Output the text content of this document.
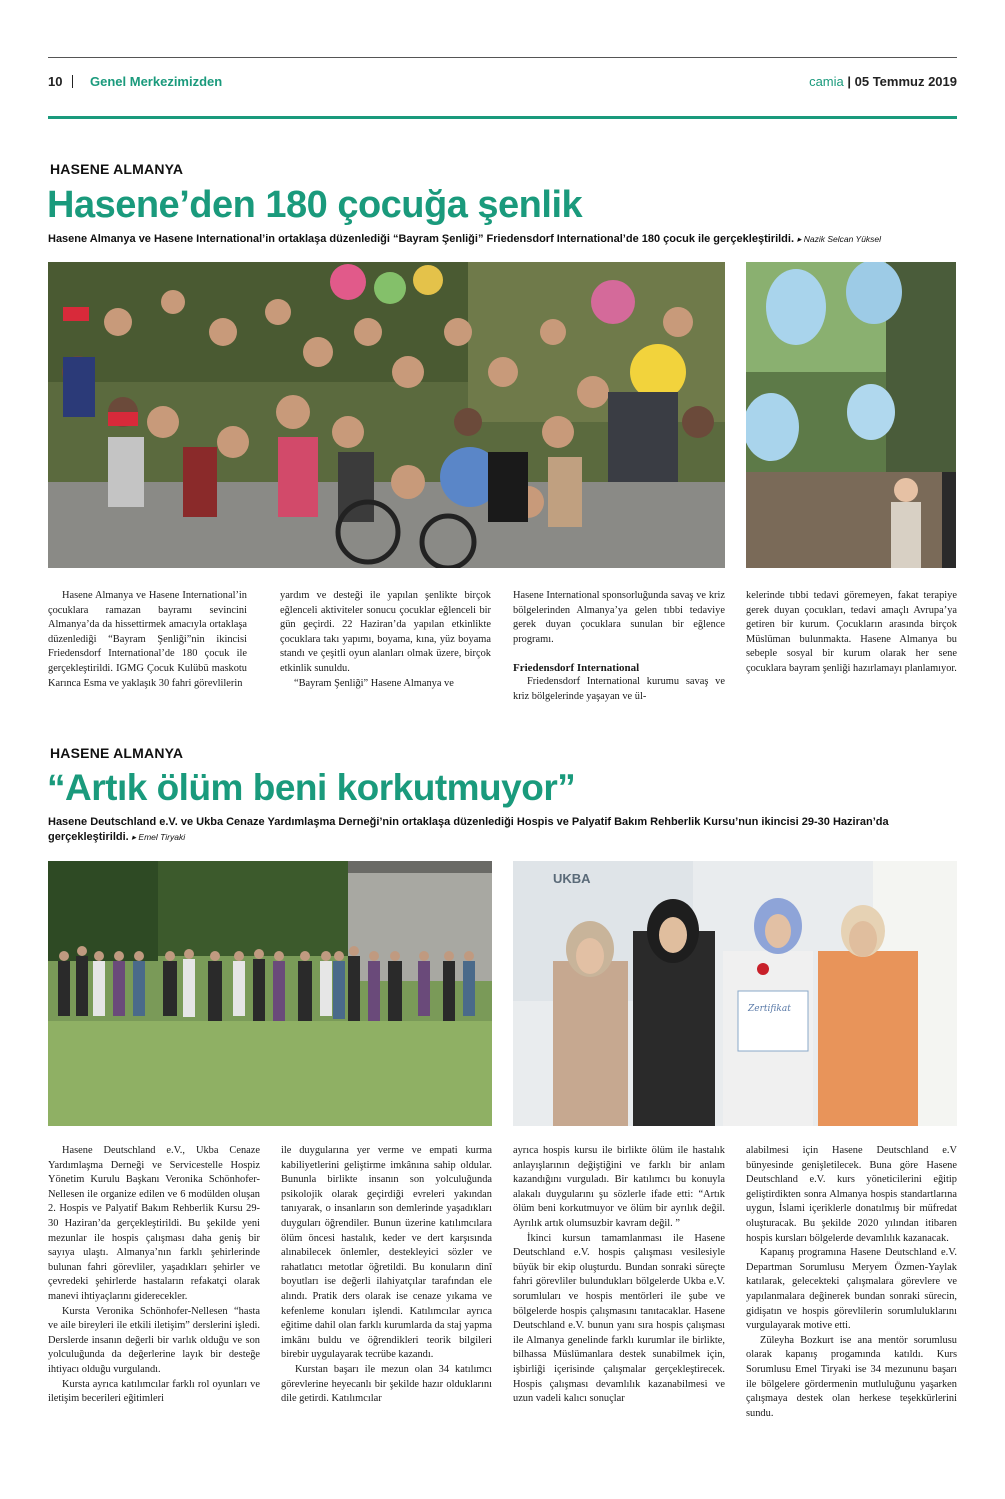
10 Genel Merkezimizden	camia | 05 Temmuz 2019
HASENE ALMANYA
Hasene’den 180 çocuğa şenlik
Hasene Almanya ve Hasene International’in ortaklaşa düzenlediği “Bayram Şenliği” Friedensdorf International’de 180 çocuk ile gerçekleştirildi. ▸ Nazik Selcan Yüksel

Hasene Almanya ve Hasene International’in çocuklara ramazan bayramı sevincini Almanya’da da hissettirmek amacıyla ortaklaşa düzenlediği “Bayram Şenliği”nin ikincisi Friedensdorf International’de 180 çocuk ile gerçekleştirildi. IGMG Çocuk Kulübü maskotu Karınca Esma ve yaklaşık 30 fahri görevlilerin

yardım ve desteği ile yapılan şenlikte birçok eğlenceli aktiviteler sonucu çocuklar eğlenceli bir gün geçirdi. 22 Haziran’da yapılan etkinlikte çocuklara takı yapımı, boyama, kına, yüz boyama standı ve çeşitli oyun alanları olmak üzere, birçok etkinlik sunuldu.

“Bayram Şenliği” Hasene Almanya ve

Hasene International sponsorluğunda savaş ve kriz bölgelerinden Almanya’ya gelen tıbbi tedaviye gerek duyan çocuklara sunulan bir eğlence programı.

Friedensdorf International

Friedensdorf International kurumu savaş ve kriz bölgelerinde yaşayan ve ül-

kelerinde tıbbi tedavi göremeyen, fakat terapiye gerek duyan çocukları, tedavi amaçlı Avrupa’ya getiren bir kurum. Çocukların arasında birçok Müslüman bulunmakta. Hasene Almanya bu sebeple sosyal bir kurum olarak her sene çocuklara bayram şenliği hazırlamayı planlamıyor.

HASENE ALMANYA
“Artık ölüm beni korkutmuyor”
Hasene Deutschland e.V. ve Ukba Cenaze Yardımlaşma Derneği’nin ortaklaşa düzenlediği Hospis ve Palyatif Bakım Rehberlik Kursu’nun ikincisi 29-30 Haziran’da gerçekleştirildi. ▸ Emel Tiryaki
UKBA
Zertifikat

Hasene Deutschland e.V., Ukba Cenaze Yardımlaşma Derneği ve Servicestelle Hospiz Yönetim Kurulu Başkanı Veronika Schönhofer-Nellesen ile organize edilen ve 6 modülden oluşan 2. Hospis ve Palyatif Bakım Rehberlik Kursu 29-30 Haziran’da gerçekleştirildi. Bu şekilde yeni mezunlar ile hospis çalışması daha geniş bir sayıya ulaştı. Almanya’nın farklı şehirlerinde bulunan fahri görevliler, yaşadıkları şehirler ve çevredeki şehirlerde hastaların refakatçi olarak manevi ihtiyaçlarını giderecekler.

Kursta Veronika Schönhofer-Nellesen “hasta ve aile bireyleri ile etkili iletişim” derslerini işledi. Derslerde insanın değerli bir varlık olduğu ve son yolculuğunda da değerlerine layık bir desteğe ihtiyacı olduğu vurgulandı.

Kursta ayrıca katılımcılar farklı rol oyunları ve iletişim becerileri eğitimleri

ile duygularına yer verme ve empati kurma kabiliyetlerini geliştirme imkânına sahip oldular. Bununla birlikte insanın son yolculuğunda psikolojik olarak geçirdiği evreleri yakından tanıyarak, o insanların son demlerinde yaşadıkları duyguları öğrendiler. Bunun üzerine katılımcılara ölüm öncesi hastalık, keder ve dert karşısında alınabilecek önlemler, destekleyici sözler ve rahatlatıcı metotlar öğretildi. Bu konuların dinî boyutları ise değerli ilahiyatçılar tarafından ele alındı. Pratik ders olarak ise cenaze yıkama ve kefenleme konuları işlendi. Katılımcılar ayrıca eğitime dahil olan farklı kurumlarda da staj yapma imkânı buldu ve öğrendikleri teorik bilgileri birebir uygulayarak tecrübe kazandı.

Kurstan başarı ile mezun olan 34 katılımcı görevlerine heyecanlı bir şekilde hazır olduklarını dile getirdi. Katılımcılar

ayrıca hospis kursu ile birlikte ölüm ile hastalık anlayışlarının değiştiğini ve farklı bir anlam kazandığını vurguladı. Bir katılımcı bu konuyla alakalı duygularını şu sözlerle ifade etti: “Artık ölüm beni korkutmuyor ve ölüm bir ayrılık değil. Ayrılık artık olumsuzbir kavram değil. ”

İkinci kursun tamamlanması ile Hasene Deutschland e.V. hospis çalışması vesilesiyle büyük bir ekip oluşturdu. Bundan sonraki süreçte fahri görevliler bulundukları bölgelerde Ukba e.V. sorumluları ve hospis mentörleri ile şube ve bölgelerde hospis çalışmasını tanıtacaklar. Hasene Deutschland e.V. bunun yanı sıra hospis çalışması ile Almanya genelinde farklı kurumlar ile birlikte, bilhassa Müslümanlara destek sunabilmek için, işbirliği içerisinde çalışmalar gerçekleştirecek. Hospis çalışması devamlılık kazanabilmesi ve uzun vadeli kalıcı sonuçlar

alabilmesi için Hasene Deutschland e.V bünyesinde genişletilecek. Buna göre Hasene Deutschland e.V. kurs yöneticilerini eğitip geliştirdikten sonra Almanya hospis standartlarına uygun, İslami içeriklerle donatılmış bir müfredat oluşturacak. Bu şekilde 2020 yılından itibaren hospis kursları bölgelerde devamlılık kazanacak.

Kapanış programına Hasene Deutschland e.V. Departman Sorumlusu Meryem Özmen-Yaylak katılarak, gelecekteki çalışmalara görevlere ve yapılanmalara değinerek bundan sonraki sürecin, gidişatın ve hospis görevlilerin sorumluluklarını vurgulayarak motive etti.

Züleyha Bozkurt ise ana mentör sorumlusu olarak kapanış progamında katıldı. Kurs Sorumlusu Emel Tiryaki ise 34 mezununu başarı ile bölgelere gördermenin mutluluğunu yaşarken çalışmaya destek olan herkese teşekkürlerini sundu.
